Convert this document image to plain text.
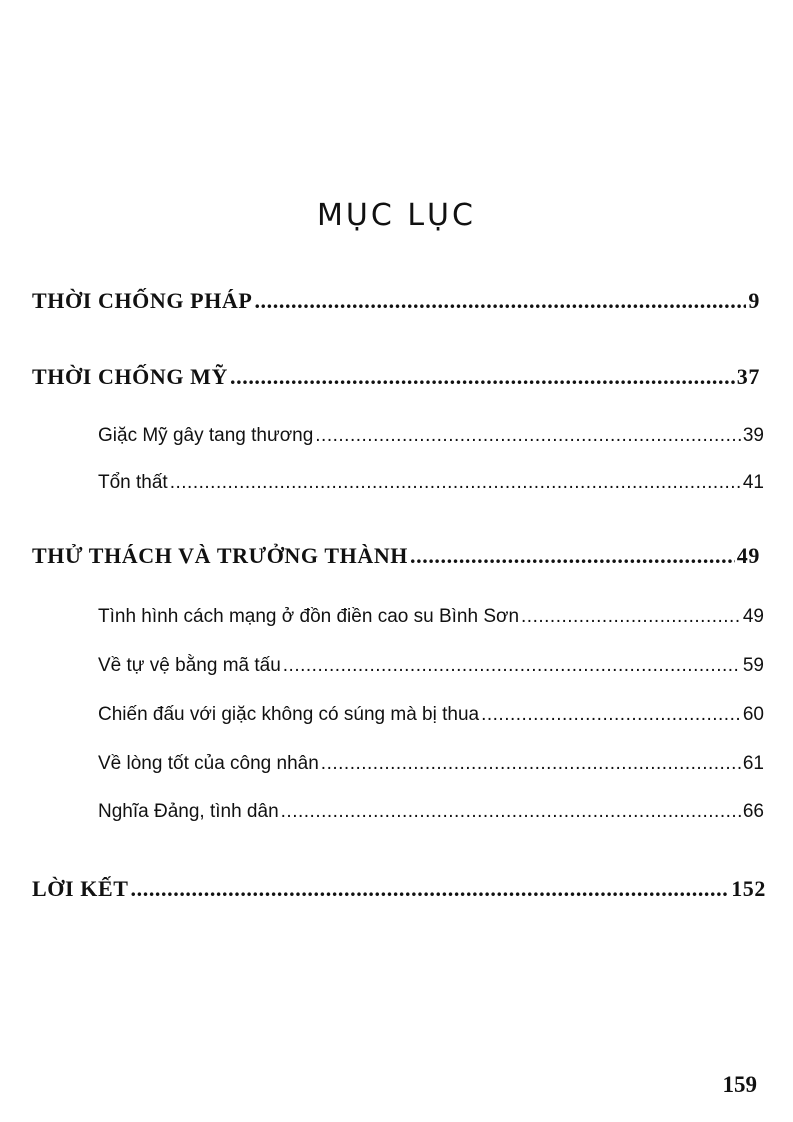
MỤC LỤC
THỜI CHỐNG PHÁP .....	9
THỜI CHỐNG MỸ .....	37
Giặc Mỹ gây tang thương .....	39
Tổn thất .....	41
THỬ THÁCH VÀ TRƯỞNG THÀNH .....	49
Tình hình cách mạng ở đồn điền cao su Bình Sơn .....	49
Về tự vệ bằng mã tấu .....	59
Chiến đấu với giặc không có súng mà bị thua .....	60
Về lòng tốt của công nhân .....	61
Nghĩa Đảng, tình dân .....	66
LỜI KẾT .....	152
159
